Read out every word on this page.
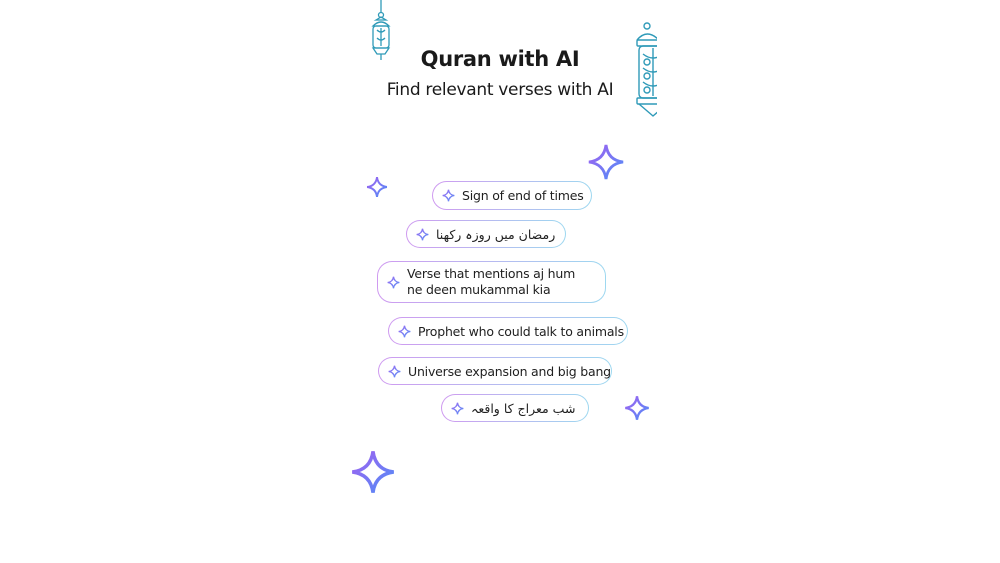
Quran with AI
Find relevant verses with AI
Sign of end of times
رمضان میں روزہ رکھنا
Verse that mentions aj hum ne deen mukammal kia
Prophet who could talk to animals
Universe expansion and big bang
شب معراج کا واقعہ
